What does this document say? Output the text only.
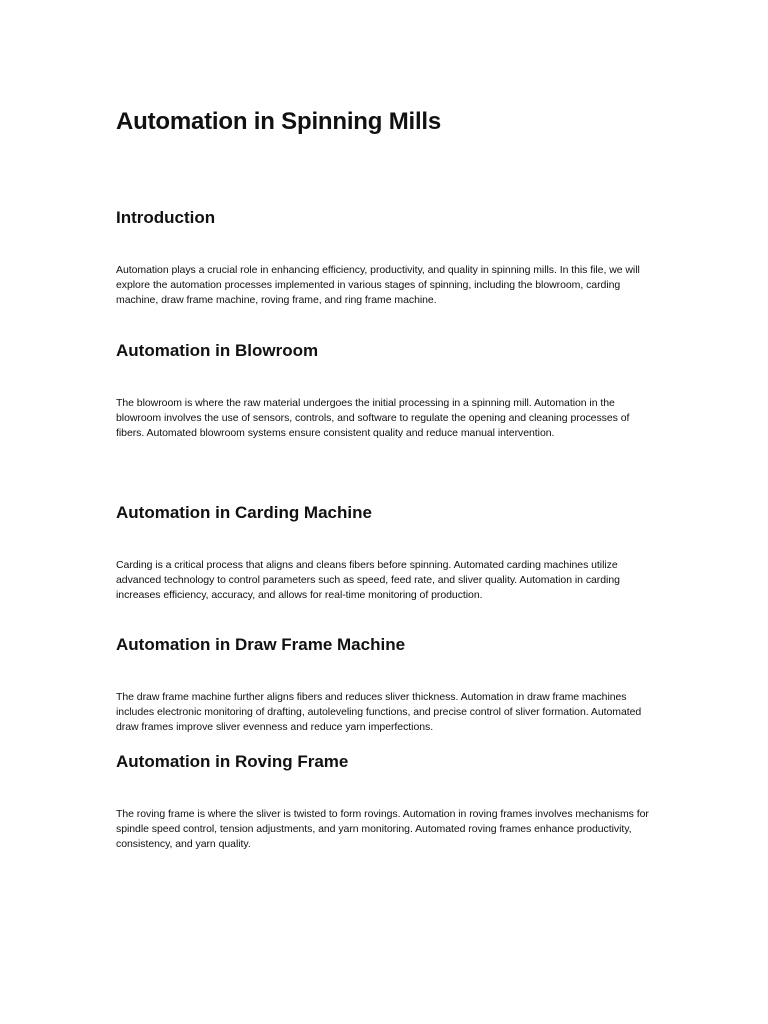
Automation in Spinning Mills
Introduction

Automation plays a crucial role in enhancing efficiency, productivity, and quality in spinning mills. In this file, we will explore the automation processes implemented in various stages of spinning, including the blowroom, carding machine, draw frame machine, roving frame, and ring frame machine.

Automation in Blowroom

The blowroom is where the raw material undergoes the initial processing in a spinning mill. Automation in the blowroom involves the use of sensors, controls, and software to regulate the opening and cleaning processes of fibers. Automated blowroom systems ensure consistent quality and reduce manual intervention.

Automation in Carding Machine

Carding is a critical process that aligns and cleans fibers before spinning. Automated carding machines utilize advanced technology to control parameters such as speed, feed rate, and sliver quality. Automation in carding increases efficiency, accuracy, and allows for real-time monitoring of production.

Automation in Draw Frame Machine

The draw frame machine further aligns fibers and reduces sliver thickness. Automation in draw frame machines includes electronic monitoring of drafting, autoleveling functions, and precise control of sliver formation. Automated draw frames improve sliver evenness and reduce yarn imperfections.

Automation in Roving Frame

The roving frame is where the sliver is twisted to form rovings. Automation in roving frames involves mechanisms for spindle speed control, tension adjustments, and yarn monitoring. Automated roving frames enhance productivity, consistency, and yarn quality.
